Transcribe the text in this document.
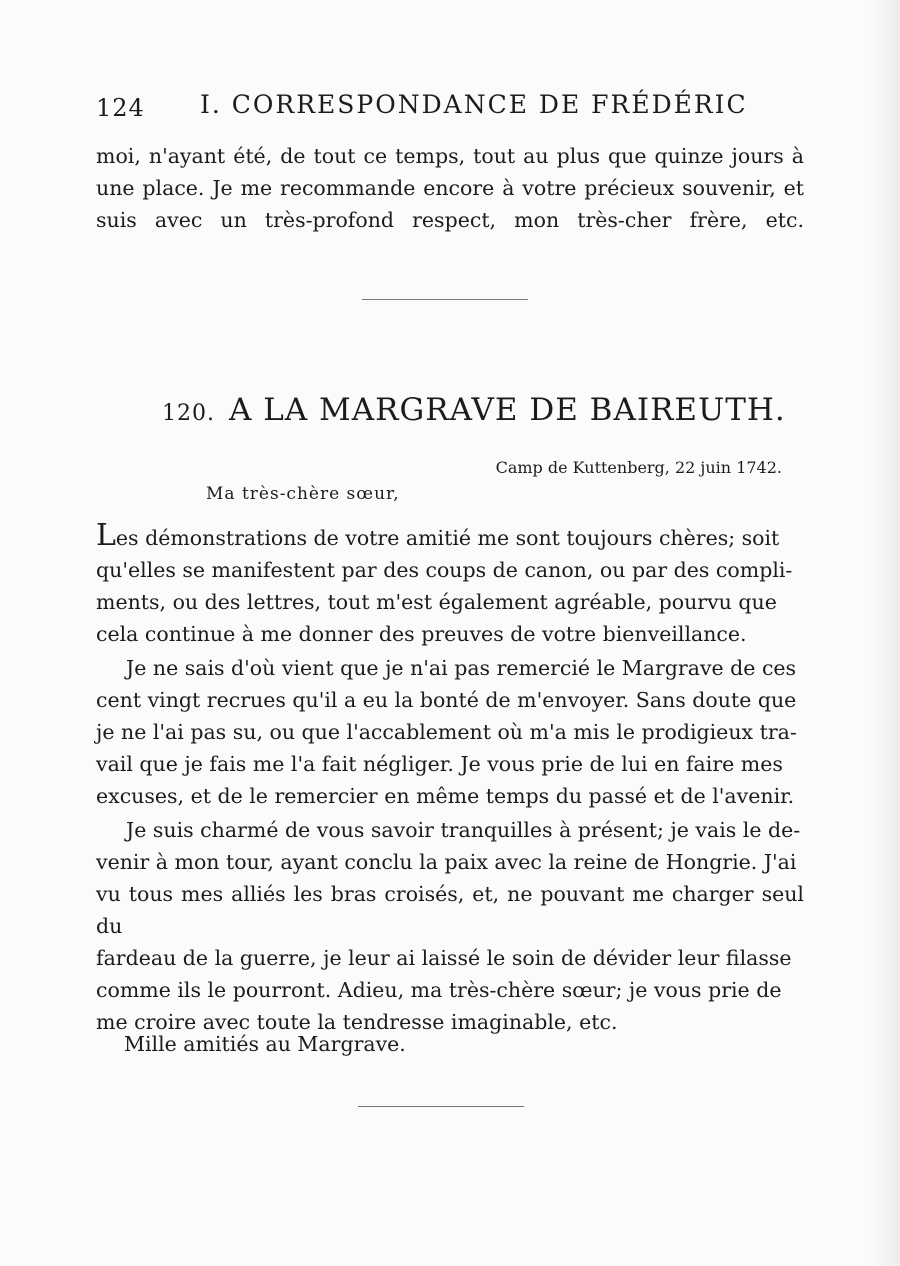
124 I. CORRESPONDANCE DE FRÉDÉRIC

moi, n'ayant été, de tout ce temps, tout au plus que quinze jours à
une place. Je me recommande encore à votre précieux souvenir, et
suis avec un très-profond respect, mon très-cher frère, etc.

120. A LA MARGRAVE DE BAIREUTH.
Camp de Kuttenberg, 22 juin 1742.
Ma très-chère sœur,

Les démonstrations de votre amitié me sont toujours chères; soit
qu'elles se manifestent par des coups de canon, ou par des compli-
ments, ou des lettres, tout m'est également agréable, pourvu que
cela continue à me donner des preuves de votre bienveillance.

Je ne sais d'où vient que je n'ai pas remercié le Margrave de ces
cent vingt recrues qu'il a eu la bonté de m'envoyer. Sans doute que
je ne l'ai pas su, ou que l'accablement où m'a mis le prodigieux tra-
vail que je fais me l'a fait négliger. Je vous prie de lui en faire mes
excuses, et de le remercier en même temps du passé et de l'avenir.

Je suis charmé de vous savoir tranquilles à présent; je vais le de-
venir à mon tour, ayant conclu la paix avec la reine de Hongrie. J'ai
vu tous mes alliés les bras croisés, et, ne pouvant me charger seul du
fardeau de la guerre, je leur ai laissé le soin de dévider leur filasse
comme ils le pourront. Adieu, ma très-chère sœur; je vous prie de
me croire avec toute la tendresse imaginable, etc.

Mille amitiés au Margrave.
